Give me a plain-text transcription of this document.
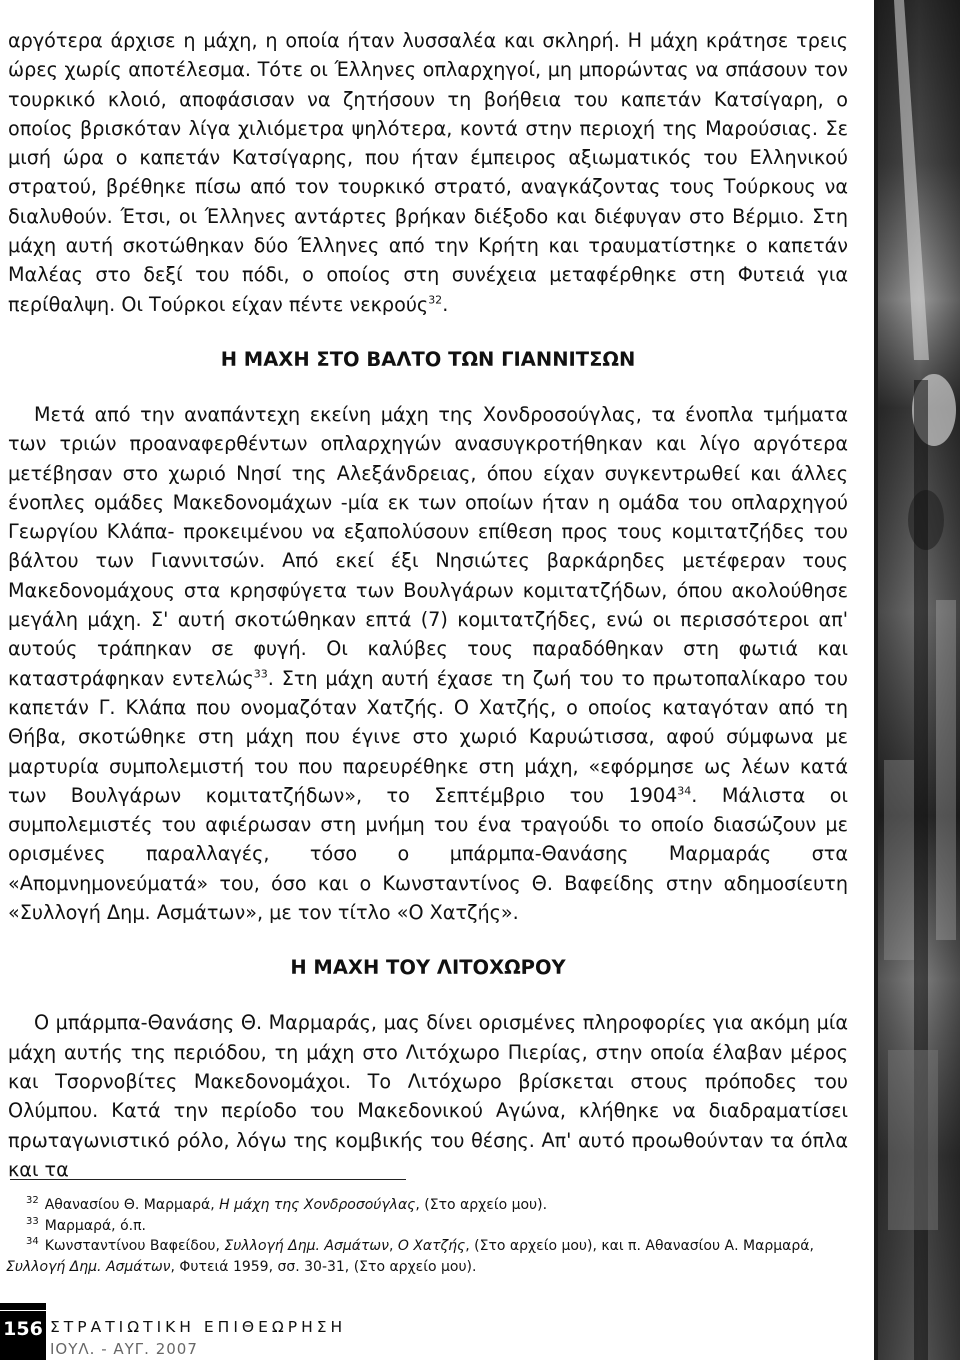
αργότερα άρχισε η μάχη, η οποία ήταν λυσσαλέα και σκληρή. Η μάχη κράτησε τρεις ώρες χωρίς αποτέλεσμα. Τότε οι Έλληνες οπλαρχηγοί, μη μπορώντας να σπάσουν τον τουρκικό κλοιό, αποφάσισαν να ζητήσουν τη βοήθεια του καπετάν Κατσίγαρη, ο οποίος βρισκόταν λίγα χιλιόμετρα ψηλότερα, κοντά στην περιοχή της Μαρούσιας. Σε μισή ώρα ο καπετάν Κατσίγαρης, που ήταν έμπειρος αξιωματικός του Ελληνικού στρατού, βρέθηκε πίσω από τον τουρκικό στρατό, αναγκάζοντας τους Τούρκους να διαλυθούν. Έτσι, οι Έλληνες αντάρτες βρήκαν διέξοδο και διέφυγαν στο Βέρμιο. Στη μάχη αυτή σκοτώθηκαν δύο Έλληνες από την Κρήτη και τραυματίστηκε ο καπετάν Μαλέας στο δεξί του πόδι, ο οποίος στη συνέχεια μεταφέρθηκε στη Φυτειά για περίθαλψη. Οι Τούρκοι είχαν πέντε νεκρούς$^{32}$.

Η ΜΑΧΗ ΣΤΟ ΒΑΛΤΟ ΤΩΝ ΓΙΑΝΝΙΤΣΩΝ

Μετά από την αναπάντεχη εκείνη μάχη της Χονδροσούγλας, τα ένοπλα τμήματα των τριών προαναφερθέντων οπλαρχηγών ανασυγκροτήθηκαν και λίγο αργότερα μετέβησαν στο χωριό Νησί της Αλεξάνδρειας, όπου είχαν συγκεντρωθεί και άλλες ένοπλες ομάδες Μακεδονομάχων -μία εκ των οποίων ήταν η ομάδα του οπλαρχηγού Γεωργίου Κλάπα- προκειμένου να εξαπολύσουν επίθεση προς τους κομιτατζήδες του βάλτου των Γιαννιτσών. Από εκεί έξι Νησιώτες βαρκάρηδες μετέφεραν τους Μακεδονομάχους στα κρησφύγετα των Βουλγάρων κομιτατζήδων, όπου ακολούθησε μεγάλη μάχη. Σ' αυτή σκοτώθηκαν επτά (7) κομιτατζήδες, ενώ οι περισσότεροι απ' αυτούς τράπηκαν σε φυγή. Οι καλύβες τους παραδόθηκαν στη φωτιά και καταστράφηκαν εντελώς$^{33}$. Στη μάχη αυτή έχασε τη ζωή του το πρωτοπαλίκαρο του καπετάν Γ. Κλάπα που ονομαζόταν Χατζής. Ο Χατζής, ο οποίος καταγόταν από τη Θήβα, σκοτώθηκε στη μάχη που έγινε στο χωριό Καρυώτισσα, αφού σύμφωνα με μαρτυρία συμπολεμιστή του που παρευρέθηκε στη μάχη, «εφόρμησε ως λέων κατά των Βουλγάρων κομιτατζήδων», το Σεπτέμβριο του 1904$^{34}$. Μάλιστα οι συμπολεμιστές του αφιέρωσαν στη μνήμη του ένα τραγούδι το οποίο διασώζουν με ορισμένες παραλλαγές, τόσο ο μπάρμπα-Θανάσης Μαρμαράς στα «Απομνημονεύματά» του, όσο και ο Κωνσταντίνος Θ. Βαφείδης στην αδημοσίευτη «Συλλογή Δημ. Ασμάτων», με τον τίτλο «Ο Χατζής».

Η ΜΑΧΗ ΤΟΥ ΛΙΤΟΧΩΡΟΥ

Ο μπάρμπα-Θανάσης Θ. Μαρμαράς, μας δίνει ορισμένες πληροφορίες για ακόμη μία μάχη αυτής της περιόδου, τη μάχη στο Λιτόχωρο Πιερίας, στην οποία έλαβαν μέρος και Τσορνοβίτες Μακεδονομάχοι. Το Λιτόχωρο βρίσκεται στους πρόποδες του Ολύμπου. Κατά την περίοδο του Μακεδονικού Αγώνα, κλήθηκε να διαδραματίσει πρωταγωνιστικό ρόλο, λόγω της κομβικής του θέσης. Απ' αυτό προωθούνταν τα όπλα και τα

$^{32}$ Αθανασίου Θ. Μαρμαρά, Η μάχη της Χονδροσούγλας, (Στο αρχείο μου).

$^{33}$ Μαρμαρά, ό.π.

$^{34}$ Κωνσταντίνου Βαφείδου, Συλλογή Δημ. Ασμάτων, Ο Χατζής, (Στο αρχείο μου), και π. Αθανασίου Α. Μαρμαρά,
Συλλογή Δημ. Ασμάτων, Φυτειά 1959, σσ. 30-31, (Στο αρχείο μου).

156 ΣΤΡΑΤΙΩΤΙΚΗ ΕΠΙΘΕΩΡΗΣΗ
ΙΟΥΛ. - ΑΥΓ. 2007
